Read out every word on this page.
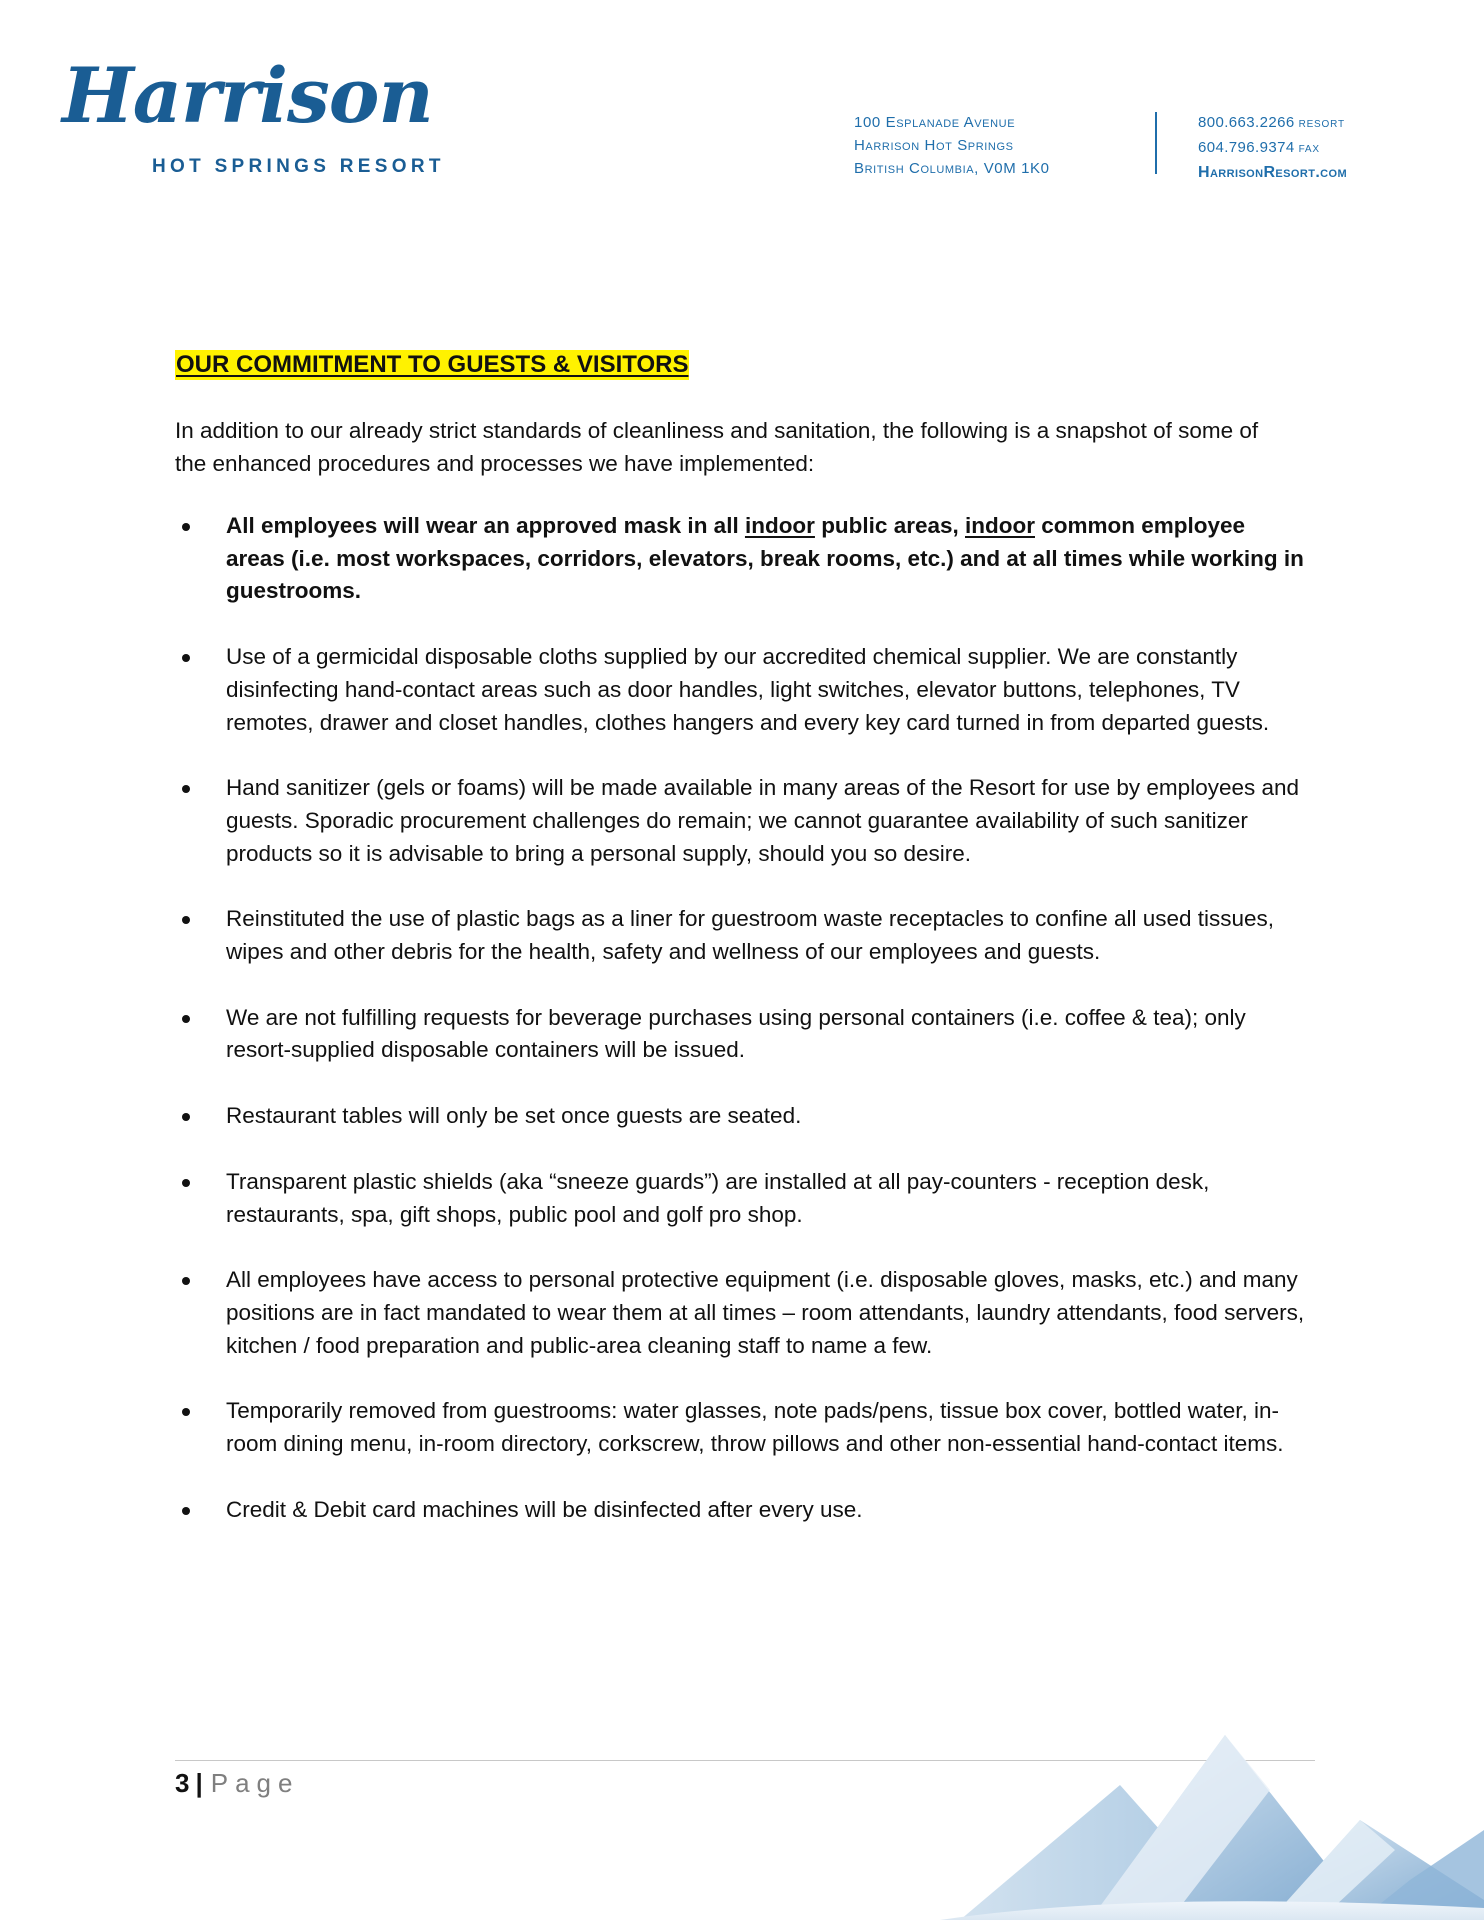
Harrison
HOT SPRINGS RESORT
100 Esplanade Avenue
Harrison Hot Springs
British Columbia, V0M 1K0
800.663.2266 RESORT
604.796.9374 FAX
HarrisonResort.com
OUR COMMITMENT TO GUESTS & VISITORS

In addition to our already strict standards of cleanliness and sanitation, the following is a snapshot of some of the enhanced procedures and processes we have implemented:

All employees will wear an approved mask in all indoor public areas, indoor common employee areas (i.e. most workspaces, corridors, elevators, break rooms, etc.) and at all times while working in guestrooms.
Use of a germicidal disposable cloths supplied by our accredited chemical supplier. We are constantly disinfecting hand-contact areas such as door handles, light switches, elevator buttons, telephones, TV remotes, drawer and closet handles, clothes hangers and every key card turned in from departed guests.
Hand sanitizer (gels or foams) will be made available in many areas of the Resort for use by employees and guests. Sporadic procurement challenges do remain; we cannot guarantee availability of such sanitizer products so it is advisable to bring a personal supply, should you so desire.
Reinstituted the use of plastic bags as a liner for guestroom waste receptacles to confine all used tissues, wipes and other debris for the health, safety and wellness of our employees and guests.
We are not fulfilling requests for beverage purchases using personal containers (i.e. coffee & tea); only resort-supplied disposable containers will be issued.
Restaurant tables will only be set once guests are seated.
Transparent plastic shields (aka “sneeze guards”) are installed at all pay-counters - reception desk, restaurants, spa, gift shops, public pool and golf pro shop.
All employees have access to personal protective equipment (i.e. disposable gloves, masks, etc.) and many positions are in fact mandated to wear them at all times – room attendants, laundry attendants, food servers, kitchen / food preparation and public-area cleaning staff to name a few.
Temporarily removed from guestrooms: water glasses, note pads/pens, tissue box cover, bottled water, in-room dining menu, in-room directory, corkscrew, throw pillows and other non-essential hand-contact items.
Credit & Debit card machines will be disinfected after every use.
3 | Page
